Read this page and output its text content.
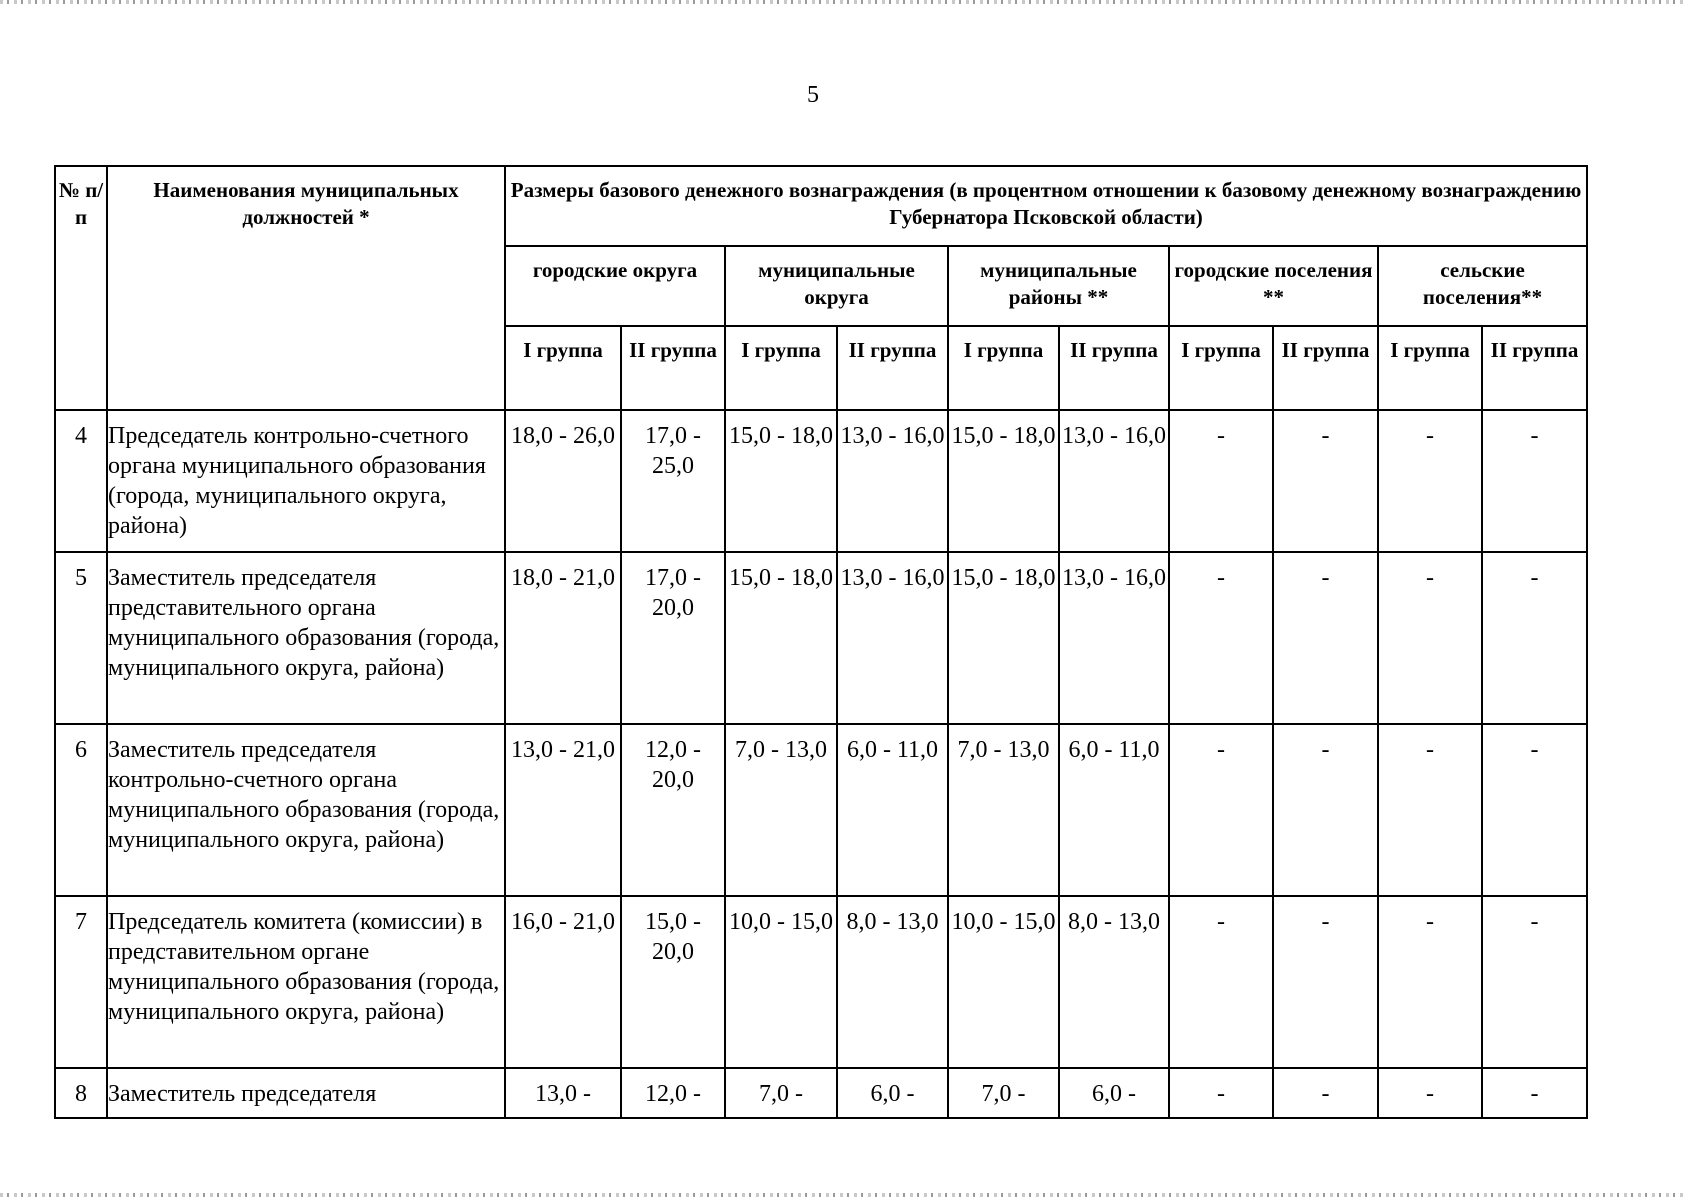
5
№ п/п	Наименования муниципальных должностей *	Размеры базового денежного вознаграждения (в процентном отношении к базовому денежному вознаграждению Губернатора Псковской области)									
		городские округа		муниципальные округа		муниципальные районы **		городские поселения **		сельские поселения**	
		I группа	II группа	I группа	II группа	I группа	II группа	I группа	II группа	I группа	II группа
4	Председатель контрольно-счетного органа муниципального образования (города, муниципального округа, района)	18,0 - 26,0	17,0 - 25,0	15,0 - 18,0	13,0 - 16,0	15,0 - 18,0	13,0 - 16,0	-	-	-	-
5	Заместитель председателя представительного органа муниципального образования (города, муниципального округа, района)	18,0 - 21,0	17,0 - 20,0	15,0 - 18,0	13,0 - 16,0	15,0 - 18,0	13,0 - 16,0	-	-	-	-
6	Заместитель председателя контрольно-счетного органа муниципального образования (города, муниципального округа, района)	13,0 - 21,0	12,0 - 20,0	7,0 - 13,0	6,0 - 11,0	7,0 - 13,0	6,0 - 11,0	-	-	-	-
7	Председатель комитета (комиссии) в представительном органе муниципального образования (города, муниципального округа, района)	16,0 - 21,0	15,0 - 20,0	10,0 - 15,0	8,0 - 13,0	10,0 - 15,0	8,0 - 13,0	-	-	-	-
8	Заместитель председателя	13,0 -	12,0 -	7,0 -	6,0 -	7,0 -	6,0 -	-	-	-	-
